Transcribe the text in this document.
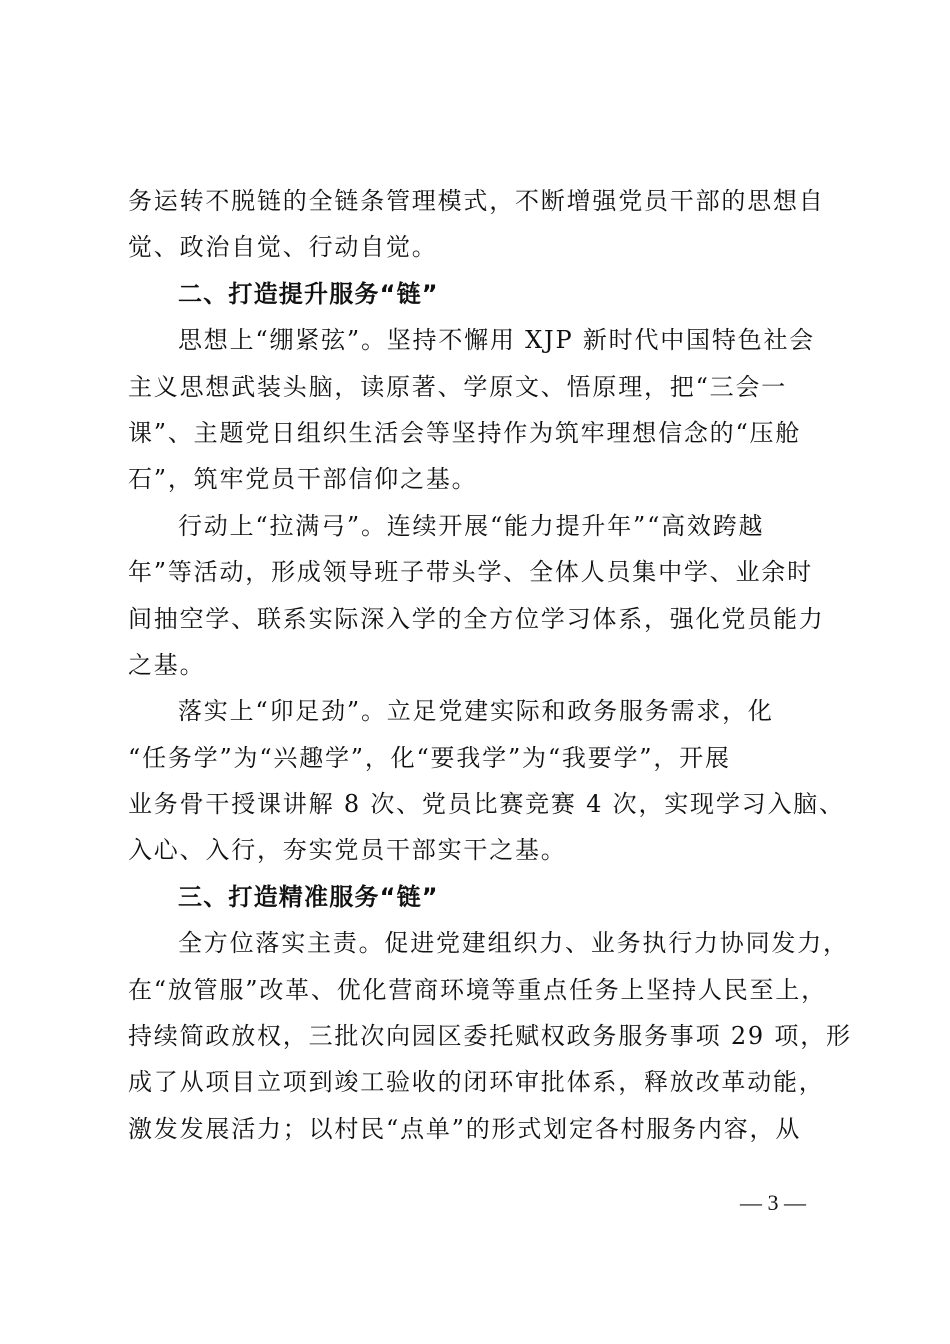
务运转不脱链的全链条管理模式，不断增强党员干部的思想自
觉、政治自觉、行动自觉。
二、打造提升服务“链”
思想上“绷紧弦”。坚持不懈用 XJP 新时代中国特色社会
主义思想武装头脑，读原著、学原文、悟原理，把“三会一
课”、主题党日组织生活会等坚持作为筑牢理想信念的“压舱
石”，筑牢党员干部信仰之基。
行动上“拉满弓”。连续开展“能力提升年”“高效跨越
年”等活动，形成领导班子带头学、全体人员集中学、业余时
间抽空学、联系实际深入学的全方位学习体系，强化党员能力
之基。
落实上“卯足劲”。立足党建实际和政务服务需求，化
“任务学”为“兴趣学”，化“要我学”为“我要学”，开展
业务骨干授课讲解 8 次、党员比赛竞赛 4 次，实现学习入脑、
入心、入行，夯实党员干部实干之基。
三、打造精准服务“链”
全方位落实主责。促进党建组织力、业务执行力协同发力，
在“放管服”改革、优化营商环境等重点任务上坚持人民至上，
持续简政放权，三批次向园区委托赋权政务服务事项 29 项，形
成了从项目立项到竣工验收的闭环审批体系，释放改革动能，
激发发展活力；以村民“点单”的形式划定各村服务内容，从
— 3 —
